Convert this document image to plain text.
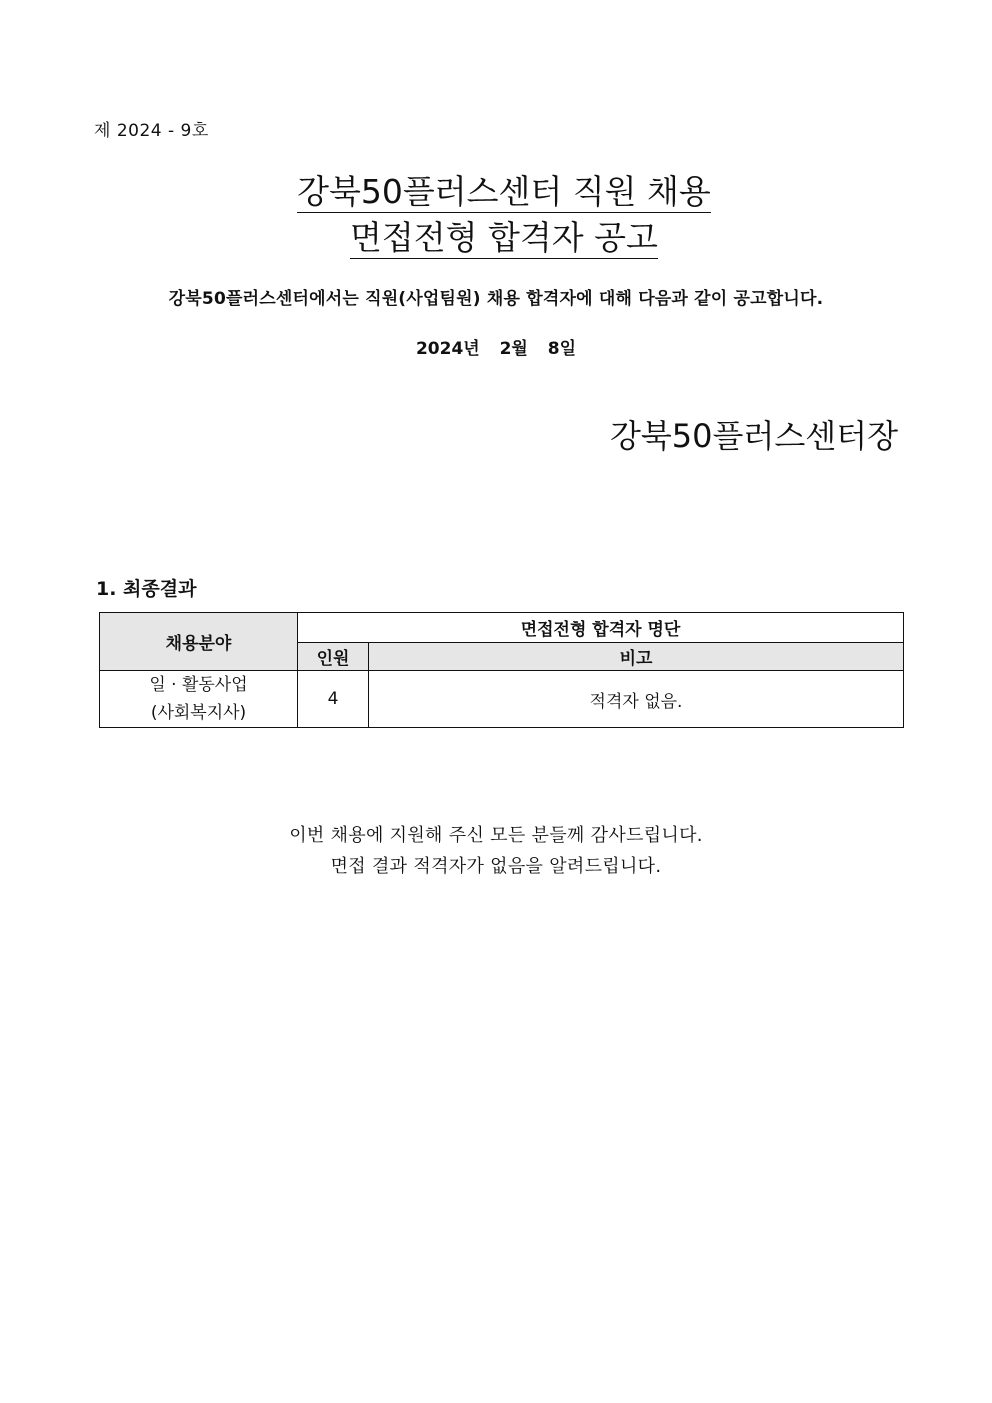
제 2024 - 9호
강북50플러스센터 직원 채용
면접전형 합격자 공고
강북50플러스센터에서는 직원(사업팀원) 채용 합격자에 대해 다음과 같이 공고합니다.
2024년 2월 8일
강북50플러스센터장
1. 최종결과
채용분야	면접전형 합격자 명단	
	인원	비고

일 · 활동사업
(사회복지사)	4	적격자 없음.
이번 채용에 지원해 주신 모든 분들께 감사드립니다.
면접 결과 적격자가 없음을 알려드립니다.
